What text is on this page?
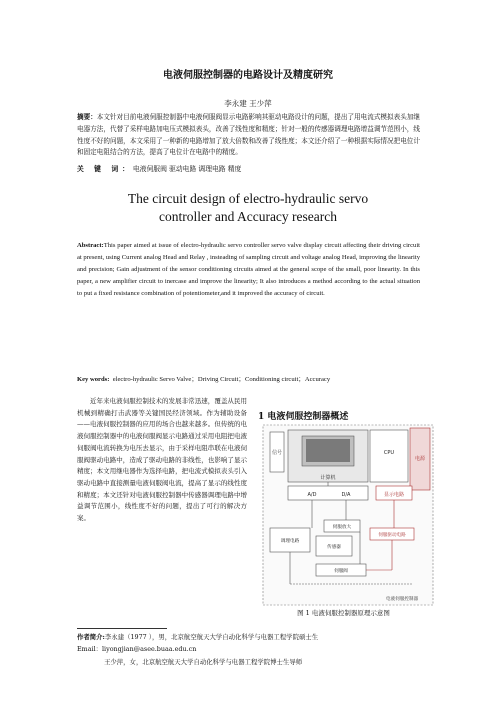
电液伺服控制器的电路设计及精度研究
李永建 王少萍
摘要：本文针对目前电液伺服控制器中电液伺服阀显示电路影响其驱动电路设计的问题，提出了用电流式模拟表头加继电器方法，代替了采样电路加电压式模拟表头，改善了线性度和精度；针对一般的传感器调理电路增益调节范围小，线性度不好的问题，本文采用了一种新的电路增加了放大倍数和改善了线性度；本文还介绍了一种根据实际情况把电位计和固定电阻结合的方法，提高了电位计在电路中的精度。
关 键 词：电液伺服阀 驱动电路 调理电路 精度
The circuit design of electro-hydraulic servo
controller and Accuracy research
Abstract:This paper aimed at issue of electro-hydraulic servo controller servo valve display circuit affecting their driving circuit at present, using Current analog Head and Relay , insteading of sampling circuit and voltage analog Head, improving the linearity and precision; Gain adjustment of the sensor conditioning circuits aimed at the general scope of the small, poor linearity. In this paper, a new amplifier circuit to inercase and improve the linearity; It also introduces a method according to the actual situation to put a fixed resistance combination of potentiometer,and it improved the accuracy of circuit.
Key words: electro-hydraulic Servo Valve；Driving Circuit；Conditioning circuit；Accuracy
近年来电液伺服控制技术的发展非常迅速，覆盖从民用机械到精确打击武器等关键国民经济领域。作为辅助设备——电液伺服控制器的应用的场合也越来越多。但传统的电液伺服控制器中的电液伺服阀显示电路通过采用电阻把电液伺服阀电流转换为电压去显示，由于采样电阻串联在电液伺服阀驱动电路中，造成了驱动电路的非线性，也影响了显示精度；本文用继电器作为选择电路，把电流式模拟表头引入驱动电路中直接测量电液伺服阀电流，提高了显示的线性度和精度；本文还针对电液伺服控制器中传感器调理电路中增益调节范围小，线性度不好的问题，提出了可行的解决方案。
1 电液伺服控制器概述
信号
计算机
CPU
电源
A/D	D/A	显示电路
伺服放大
伺服驱动电路
调理电路
传感器
伺服阀
电液伺服控制器
图 1 电液伺服控制器原理示意图
作者简介:李永建（1977 ），男，北京航空航天大学自动化科学与电器工程学院硕士生
Email：liyongjian@asee.buaa.edu.cn
王少萍，女，北京航空航天大学自动化科学与电器工程学院博士生导师
